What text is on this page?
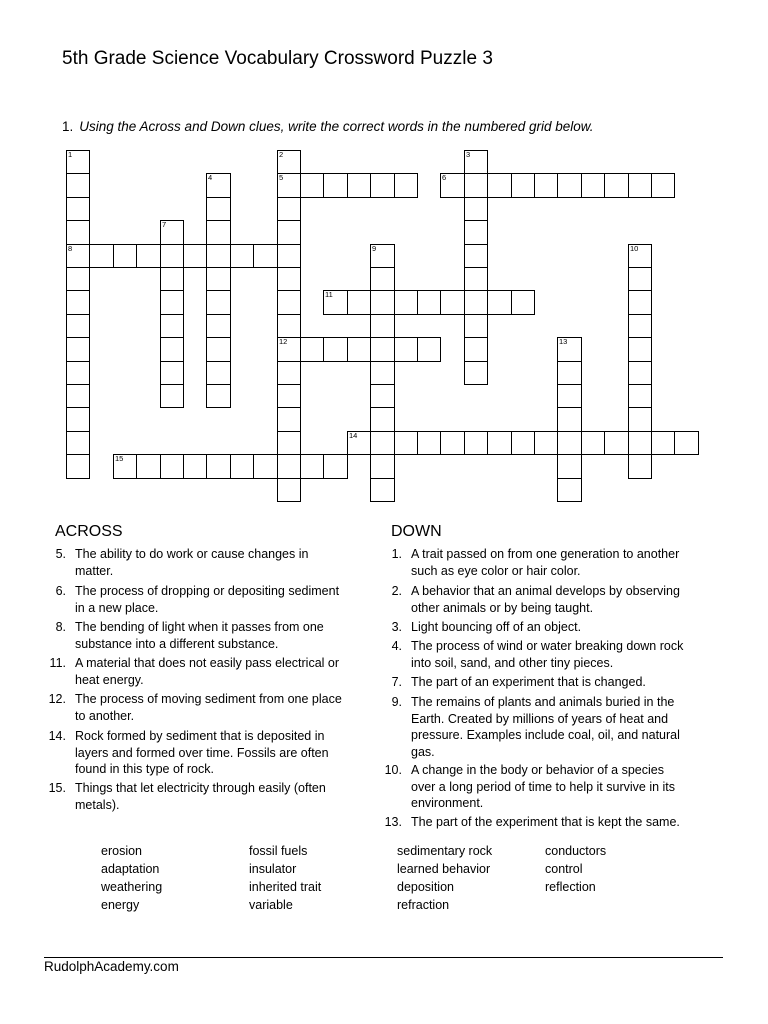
5th Grade Science Vocabulary Crossword Puzzle 3
1. Using the Across and Down clues, write the correct words in the numbered grid below.
1
8
2
5
12
3
4	6
7
9	10
11
13
14
15
ACROSS
5. The ability to do work or cause changes in
matter.
6. The process of dropping or depositing sediment
in a new place.
8. The bending of light when it passes from one
substance into a different substance.
11. A material that does not easily pass electrical or
heat energy.
12. The process of moving sediment from one place
to another.
14. Rock formed by sediment that is deposited in
layers and formed over time. Fossils are often
found in this type of rock.
15. Things that let electricity through easily (often
metals).
DOWN
1. A trait passed on from one generation to another
such as eye color or hair color.
2. A behavior that an animal develops by observing
other animals or by being taught.
3. Light bouncing off of an object.
4. The process of wind or water breaking down rock
into soil, sand, and other tiny pieces.
7. The part of an experiment that is changed.
9. The remains of plants and animals buried in the
Earth. Created by millions of years of heat and
pressure. Examples include coal, oil, and natural
gas.
10. A change in the body or behavior of a species
over a long period of time to help it survive in its
environment.
13. The part of the experiment that is kept the same.
erosion
adaptation
weathering
energy
fossil fuels
insulator
inherited trait
variable
sedimentary rock
learned behavior
deposition
refraction
conductors
control
reflection
RudolphAcademy.com
